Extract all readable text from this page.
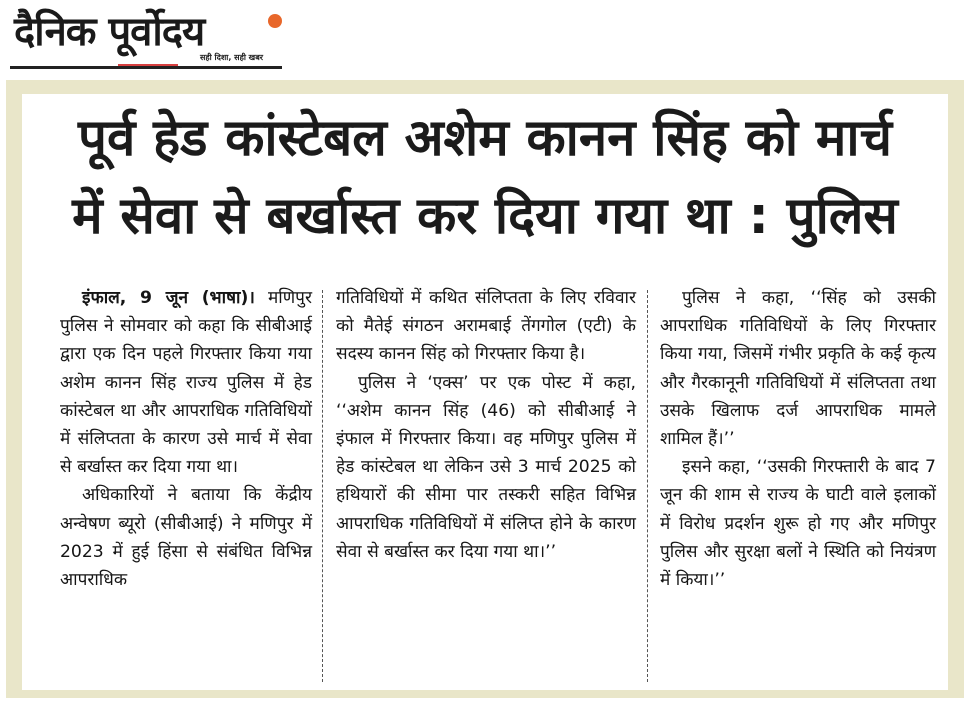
दैनिक पूर्वोदय
सही दिशा, सही खबर
पूर्व हेड कांस्टेबल अशेम कानन सिंह को मार्च
में सेवा से बर्खास्त कर दिया गया था : पुलिस

इंफाल, 9 जून (भाषा)। मणिपुर पुलिस ने सोमवार को कहा कि सीबीआई द्वारा एक दिन पहले गिरफ्तार किया गया अशेम कानन सिंह राज्य पुलिस में हेड कांस्टेबल था और आपराधिक गतिविधियों में संलिप्तता के कारण उसे मार्च में सेवा से बर्खास्त कर दिया गया था।

अधिकारियों ने बताया कि केंद्रीय अन्वेषण ब्यूरो (सीबीआई) ने मणिपुर में 2023 में हुई हिंसा से संबंधित विभिन्न आपराधिक

गतिविधियों में कथित संलिप्तता के लिए रविवार को मैतेई संगठन अरामबाई तेंगगोल (एटी) के सदस्य कानन सिंह को गिरफ्तार किया है।

पुलिस ने ‘एक्स’ पर एक पोस्ट में कहा, ‘‘अशेम कानन सिंह (46) को सीबीआई ने इंफाल में गिरफ्तार किया। वह मणिपुर पुलिस में हेड कांस्टेबल था लेकिन उसे 3 मार्च 2025 को हथियारों की सीमा पार तस्करी सहित विभिन्न आपराधिक गतिविधियों में संलिप्त होने के कारण सेवा से बर्खास्त कर दिया गया था।’’

पुलिस ने कहा, ‘‘सिंह को उसकी आपराधिक गतिविधियों के लिए गिरफ्तार किया गया, जिसमें गंभीर प्रकृति के कई कृत्य और गैरकानूनी गतिविधियों में संलिप्तता तथा उसके खिलाफ दर्ज आपराधिक मामले शामिल हैं।’’

इसने कहा, ‘‘उसकी गिरफ्तारी के बाद 7 जून की शाम से राज्य के घाटी वाले इलाकों में विरोध प्रदर्शन शुरू हो गए और मणिपुर पुलिस और सुरक्षा बलों ने स्थिति को नियंत्रण में किया।’’
